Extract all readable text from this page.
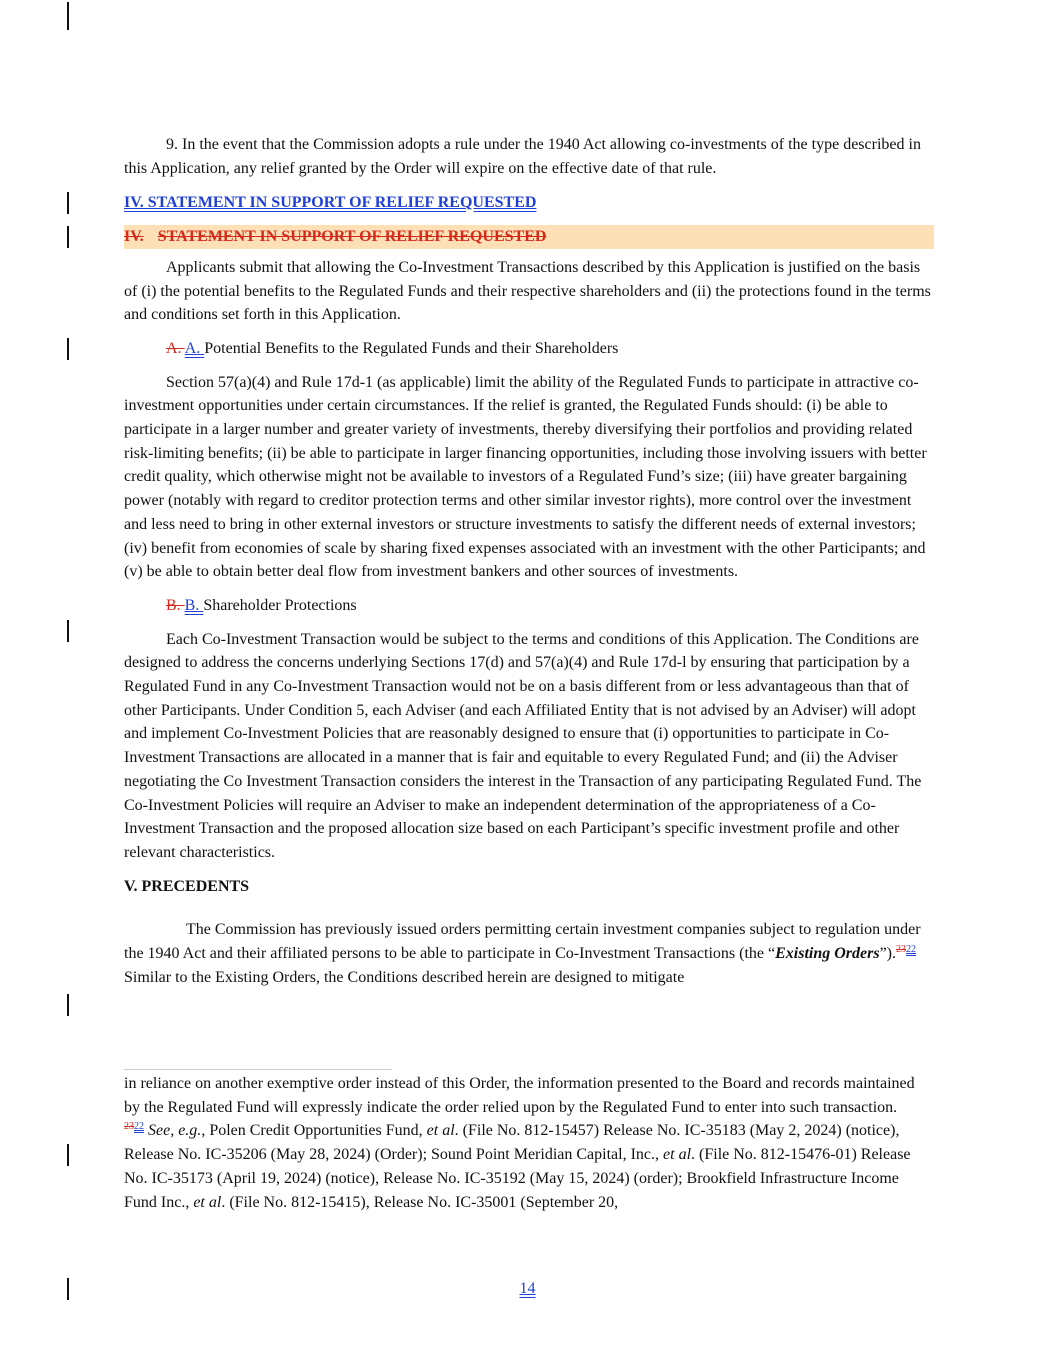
9. In the event that the Commission adopts a rule under the 1940 Act allowing co-investments of the type described in this Application, any relief granted by the Order will expire on the effective date of that rule.

IV. STATEMENT IN SUPPORT OF RELIEF REQUESTED

IV. STATEMENT IN SUPPORT OF RELIEF REQUESTED

Applicants submit that allowing the Co-Investment Transactions described by this Application is justified on the basis of (i) the potential benefits to the Regulated Funds and their respective shareholders and (ii) the protections found in the terms and conditions set forth in this Application.

A. A. Potential Benefits to the Regulated Funds and their Shareholders

Section 57(a)(4) and Rule 17d-1 (as applicable) limit the ability of the Regulated Funds to participate in attractive co-investment opportunities under certain circumstances. If the relief is granted, the Regulated Funds should: (i) be able to participate in a larger number and greater variety of investments, thereby diversifying their portfolios and providing related risk-limiting benefits; (ii) be able to participate in larger financing opportunities, including those involving issuers with better credit quality, which otherwise might not be available to investors of a Regulated Fund’s size; (iii) have greater bargaining power (notably with regard to creditor protection terms and other similar investor rights), more control over the investment and less need to bring in other external investors or structure investments to satisfy the different needs of external investors; (iv) benefit from economies of scale by sharing fixed expenses associated with an investment with the other Participants; and (v) be able to obtain better deal flow from investment bankers and other sources of investments.

B. B. Shareholder Protections

Each Co-Investment Transaction would be subject to the terms and conditions of this Application. The Conditions are designed to address the concerns underlying Sections 17(d) and 57(a)(4) and Rule 17d-l by ensuring that participation by a Regulated Fund in any Co-Investment Transaction would not be on a basis different from or less advantageous than that of other Participants. Under Condition 5, each Adviser (and each Affiliated Entity that is not advised by an Adviser) will adopt and implement Co-Investment Policies that are reasonably designed to ensure that (i) opportunities to participate in Co-Investment Transactions are allocated in a manner that is fair and equitable to every Regulated Fund; and (ii) the Adviser negotiating the Co Investment Transaction considers the interest in the Transaction of any participating Regulated Fund. The Co-Investment Policies will require an Adviser to make an independent determination of the appropriateness of a Co-Investment Transaction and the proposed allocation size based on each Participant’s specific investment profile and other relevant characteristics.

V. PRECEDENTS

The Commission has previously issued orders permitting certain investment companies subject to regulation under the 1940 Act and their affiliated persons to be able to participate in Co-Investment Transactions (the “Existing Orders”).$^{2322}$ Similar to the Existing Orders, the Conditions described herein are designed to mitigate

in reliance on another exemptive order instead of this Order, the information presented to the Board and records maintained by the Regulated Fund will expressly indicate the order relied upon by the Regulated Fund to enter into such transaction.

$^{2322}$ See, e.g., Polen Credit Opportunities Fund, et al. (File No. 812-15457) Release No. IC-35183 (May 2, 2024) (notice), Release No. IC-35206 (May 28, 2024) (Order); Sound Point Meridian Capital, Inc., et al. (File No. 812-15476-01) Release No. IC-35173 (April 19, 2024) (notice), Release No. IC-35192 (May 15, 2024) (order); Brookfield Infrastructure Income Fund Inc., et al. (File No. 812-15415), Release No. IC-35001 (September 20,

14
